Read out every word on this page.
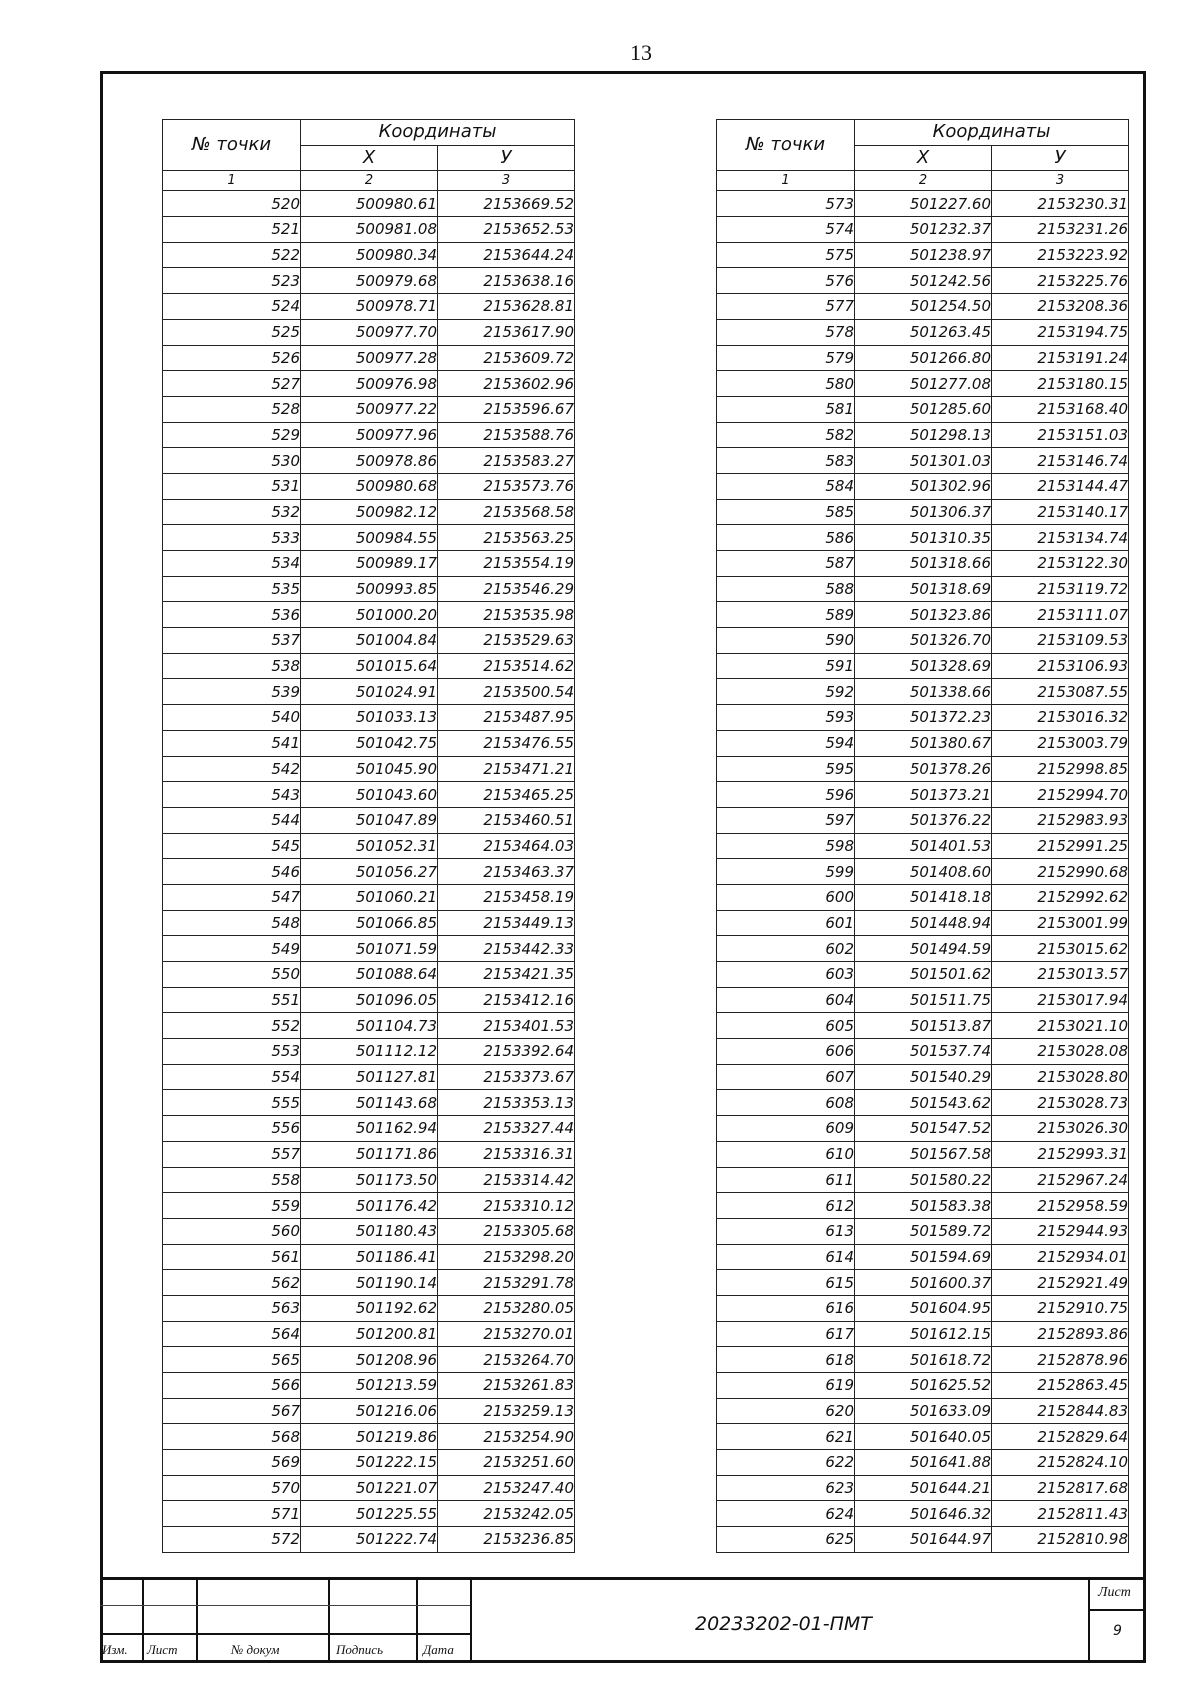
13
№ точки	Координаты	
	X	У
1	2	3
520	500980.61	2153669.52
521	500981.08	2153652.53
522	500980.34	2153644.24
523	500979.68	2153638.16
524	500978.71	2153628.81
525	500977.70	2153617.90
526	500977.28	2153609.72
527	500976.98	2153602.96
528	500977.22	2153596.67
529	500977.96	2153588.76
530	500978.86	2153583.27
531	500980.68	2153573.76
532	500982.12	2153568.58
533	500984.55	2153563.25
534	500989.17	2153554.19
535	500993.85	2153546.29
536	501000.20	2153535.98
537	501004.84	2153529.63
538	501015.64	2153514.62
539	501024.91	2153500.54
540	501033.13	2153487.95
541	501042.75	2153476.55
542	501045.90	2153471.21
543	501043.60	2153465.25
544	501047.89	2153460.51
545	501052.31	2153464.03
546	501056.27	2153463.37
547	501060.21	2153458.19
548	501066.85	2153449.13
549	501071.59	2153442.33
550	501088.64	2153421.35
551	501096.05	2153412.16
552	501104.73	2153401.53
553	501112.12	2153392.64
554	501127.81	2153373.67
555	501143.68	2153353.13
556	501162.94	2153327.44
557	501171.86	2153316.31
558	501173.50	2153314.42
559	501176.42	2153310.12
560	501180.43	2153305.68
561	501186.41	2153298.20
562	501190.14	2153291.78
563	501192.62	2153280.05
564	501200.81	2153270.01
565	501208.96	2153264.70
566	501213.59	2153261.83
567	501216.06	2153259.13
568	501219.86	2153254.90
569	501222.15	2153251.60
570	501221.07	2153247.40
571	501225.55	2153242.05
572	501222.74	2153236.85
№ точки	Координаты	
	X	У
1	2	3
573	501227.60	2153230.31
574	501232.37	2153231.26
575	501238.97	2153223.92
576	501242.56	2153225.76
577	501254.50	2153208.36
578	501263.45	2153194.75
579	501266.80	2153191.24
580	501277.08	2153180.15
581	501285.60	2153168.40
582	501298.13	2153151.03
583	501301.03	2153146.74
584	501302.96	2153144.47
585	501306.37	2153140.17
586	501310.35	2153134.74
587	501318.66	2153122.30
588	501318.69	2153119.72
589	501323.86	2153111.07
590	501326.70	2153109.53
591	501328.69	2153106.93
592	501338.66	2153087.55
593	501372.23	2153016.32
594	501380.67	2153003.79
595	501378.26	2152998.85
596	501373.21	2152994.70
597	501376.22	2152983.93
598	501401.53	2152991.25
599	501408.60	2152990.68
600	501418.18	2152992.62
601	501448.94	2153001.99
602	501494.59	2153015.62
603	501501.62	2153013.57
604	501511.75	2153017.94
605	501513.87	2153021.10
606	501537.74	2153028.08
607	501540.29	2153028.80
608	501543.62	2153028.73
609	501547.52	2153026.30
610	501567.58	2152993.31
611	501580.22	2152967.24
612	501583.38	2152958.59
613	501589.72	2152944.93
614	501594.69	2152934.01
615	501600.37	2152921.49
616	501604.95	2152910.75
617	501612.15	2152893.86
618	501618.72	2152878.96
619	501625.52	2152863.45
620	501633.09	2152844.83
621	501640.05	2152829.64
622	501641.88	2152824.10
623	501644.21	2152817.68
624	501646.32	2152811.43
625	501644.97	2152810.98
Изм. Лист	№ докум	Подпись	Дата
20233202-01-ПМТ
Лист
9
